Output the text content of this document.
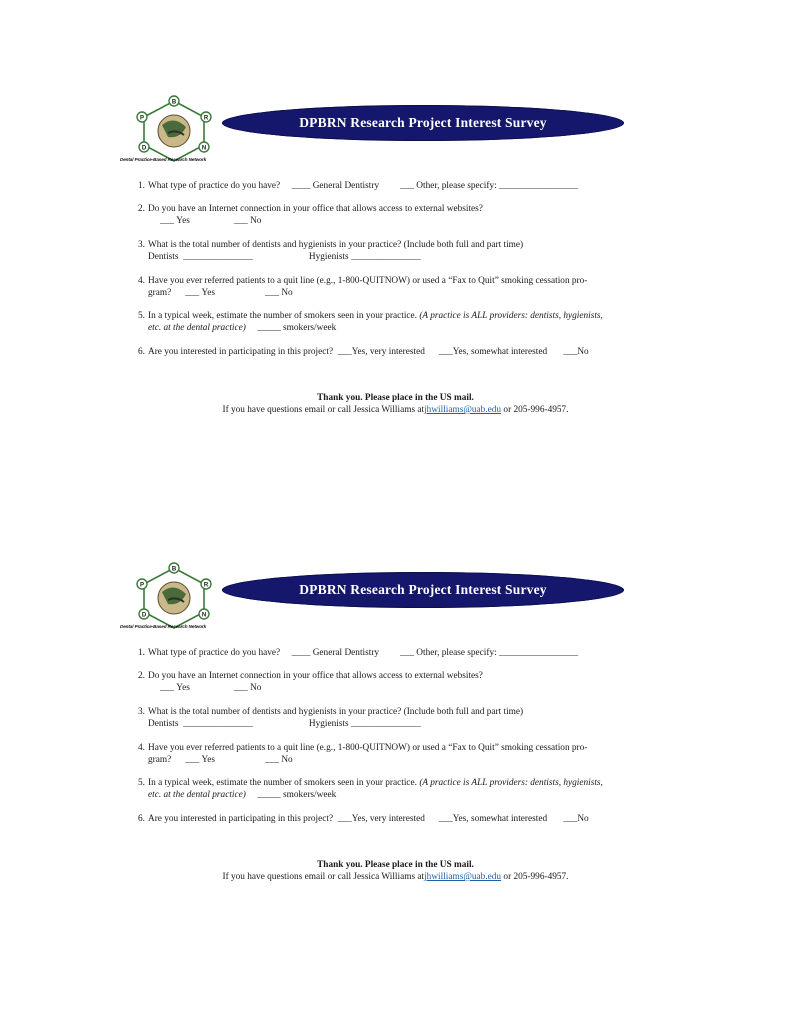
B
P	R
D	N
Dental Practice-Based Research Network
DPBRN Research Project Interest Survey
1. What type of practice do you have? ____ General Dentistry ___ Other, please specify: _________________
2. Do you have an Internet connection in your office that allows access to external websites?
___ Yes	___ No
3. What is the total number of dentists and hygienists in your practice? (Include both full and part time)
Dentists _______________	Hygienists _______________
4. Have you ever referred patients to a quit line (e.g., 1-800-QUITNOW) or used a “Fax to Quit” smoking cessation pro-
gram? ___ Yes	___ No
5. In a typical week, estimate the number of smokers seen in your practice. (A practice is ALL providers: dentists, hygienists,
etc. at the dental practice) _____ smokers/week
6. Are you interested in participating in this project? ___Yes, very interested ___Yes, somewhat interested ___No
Thank you. Please place in the US mail.
If you have questions email or call Jessica Williams atjhwilliams@uab.edu or 205-996-4957.
B
P	R
D	N
Dental Practice-Based Research Network
DPBRN Research Project Interest Survey
1. What type of practice do you have? ____ General Dentistry ___ Other, please specify: _________________
2. Do you have an Internet connection in your office that allows access to external websites?
___ Yes	___ No
3. What is the total number of dentists and hygienists in your practice? (Include both full and part time)
Dentists _______________	Hygienists _______________
4. Have you ever referred patients to a quit line (e.g., 1-800-QUITNOW) or used a “Fax to Quit” smoking cessation pro-
gram? ___ Yes	___ No
5. In a typical week, estimate the number of smokers seen in your practice. (A practice is ALL providers: dentists, hygienists,
etc. at the dental practice) _____ smokers/week
6. Are you interested in participating in this project? ___Yes, very interested ___Yes, somewhat interested ___No
Thank you. Please place in the US mail.
If you have questions email or call Jessica Williams atjhwilliams@uab.edu or 205-996-4957.
